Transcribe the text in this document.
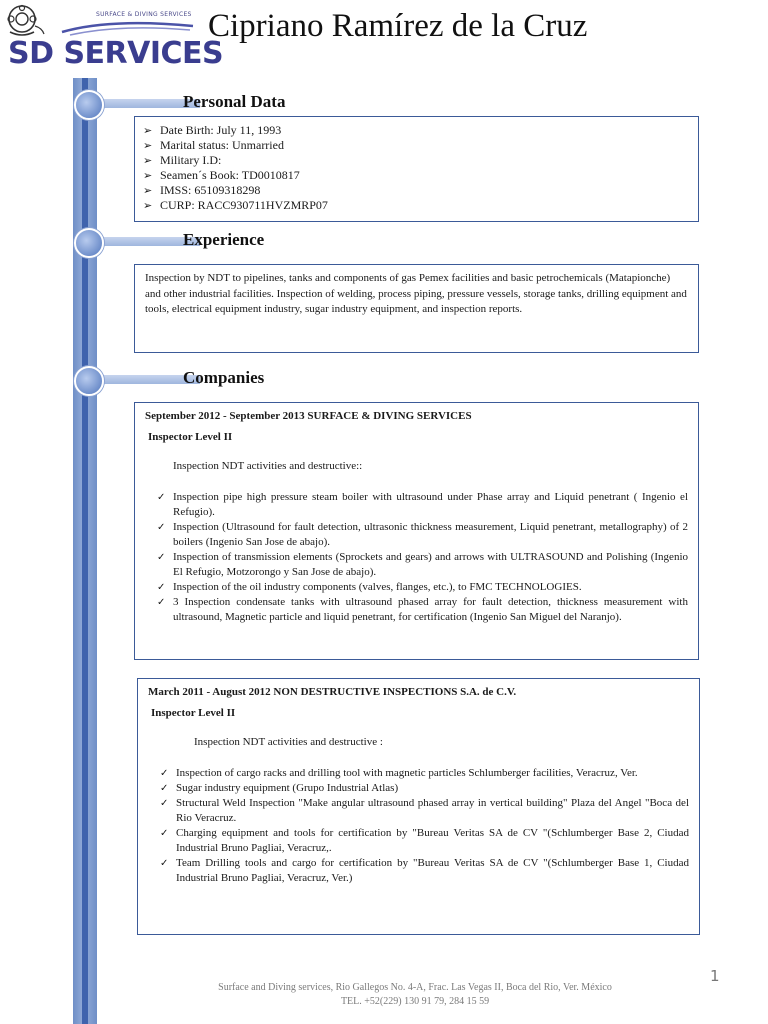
SURFACE & DIVING SERVICES
SD SERVICES
Cipriano Ramírez de la Cruz
Personal Data
➢ Date Birth: July 11, 1993
➢ Marital status: Unmarried
➢ Military I.D:
➢ Seamen´s Book: TD0010817
➢ IMSS: 65109318298
➢ CURP: RACC930711HVZMRP07
Experience
Inspection by NDT to pipelines, tanks and components of gas Pemex facilities and basic petrochemicals (Matapionche) and other industrial facilities. Inspection of welding, process piping, pressure vessels, storage tanks, drilling equipment and tools, electrical equipment industry, sugar industry equipment, and inspection reports.
Companies
September 2012 - September 2013 SURFACE & DIVING SERVICES
Inspector Level II
Inspection NDT activities and destructive::
✓ Inspection pipe high pressure steam boiler with ultrasound under Phase array and Liquid penetrant ( Ingenio el Refugio).
✓ Inspection (Ultrasound for fault detection, ultrasonic thickness measurement, Liquid penetrant, metallography) of 2 boilers (Ingenio San Jose de abajo).
✓ Inspection of transmission elements (Sprockets and gears) and arrows with ULTRASOUND and Polishing (Ingenio El Refugio, Motzorongo y San Jose de abajo).
✓ Inspection of the oil industry components (valves, flanges, etc.), to FMC TECHNOLOGIES.
✓ 3 Inspection condensate tanks with ultrasound phased array for fault detection, thickness measurement with ultrasound, Magnetic particle and liquid penetrant, for certification (Ingenio San Miguel del Naranjo).
March 2011 - August 2012 NON DESTRUCTIVE INSPECTIONS S.A. de C.V.
Inspector Level II
Inspection NDT activities and destructive :
✓ Inspection of cargo racks and drilling tool with magnetic particles Schlumberger facilities, Veracruz, Ver.
✓ Sugar industry equipment (Grupo Industrial Atlas)
✓ Structural Weld Inspection "Make angular ultrasound phased array in vertical building" Plaza del Angel "Boca del Rio Veracruz.
✓ Charging equipment and tools for certification by "Bureau Veritas SA de CV "(Schlumberger Base 2, Ciudad Industrial Bruno Pagliai, Veracruz,.
✓ Team Drilling tools and cargo for certification by "Bureau Veritas SA de CV "(Schlumberger Base 1, Ciudad Industrial Bruno Pagliai, Veracruz, Ver.)
Surface and Diving services, Rio Gallegos No. 4-A, Frac. Las Vegas II, Boca del Rio, Ver. México
TEL. +52(229) 130 91 79, 284 15 59
1
